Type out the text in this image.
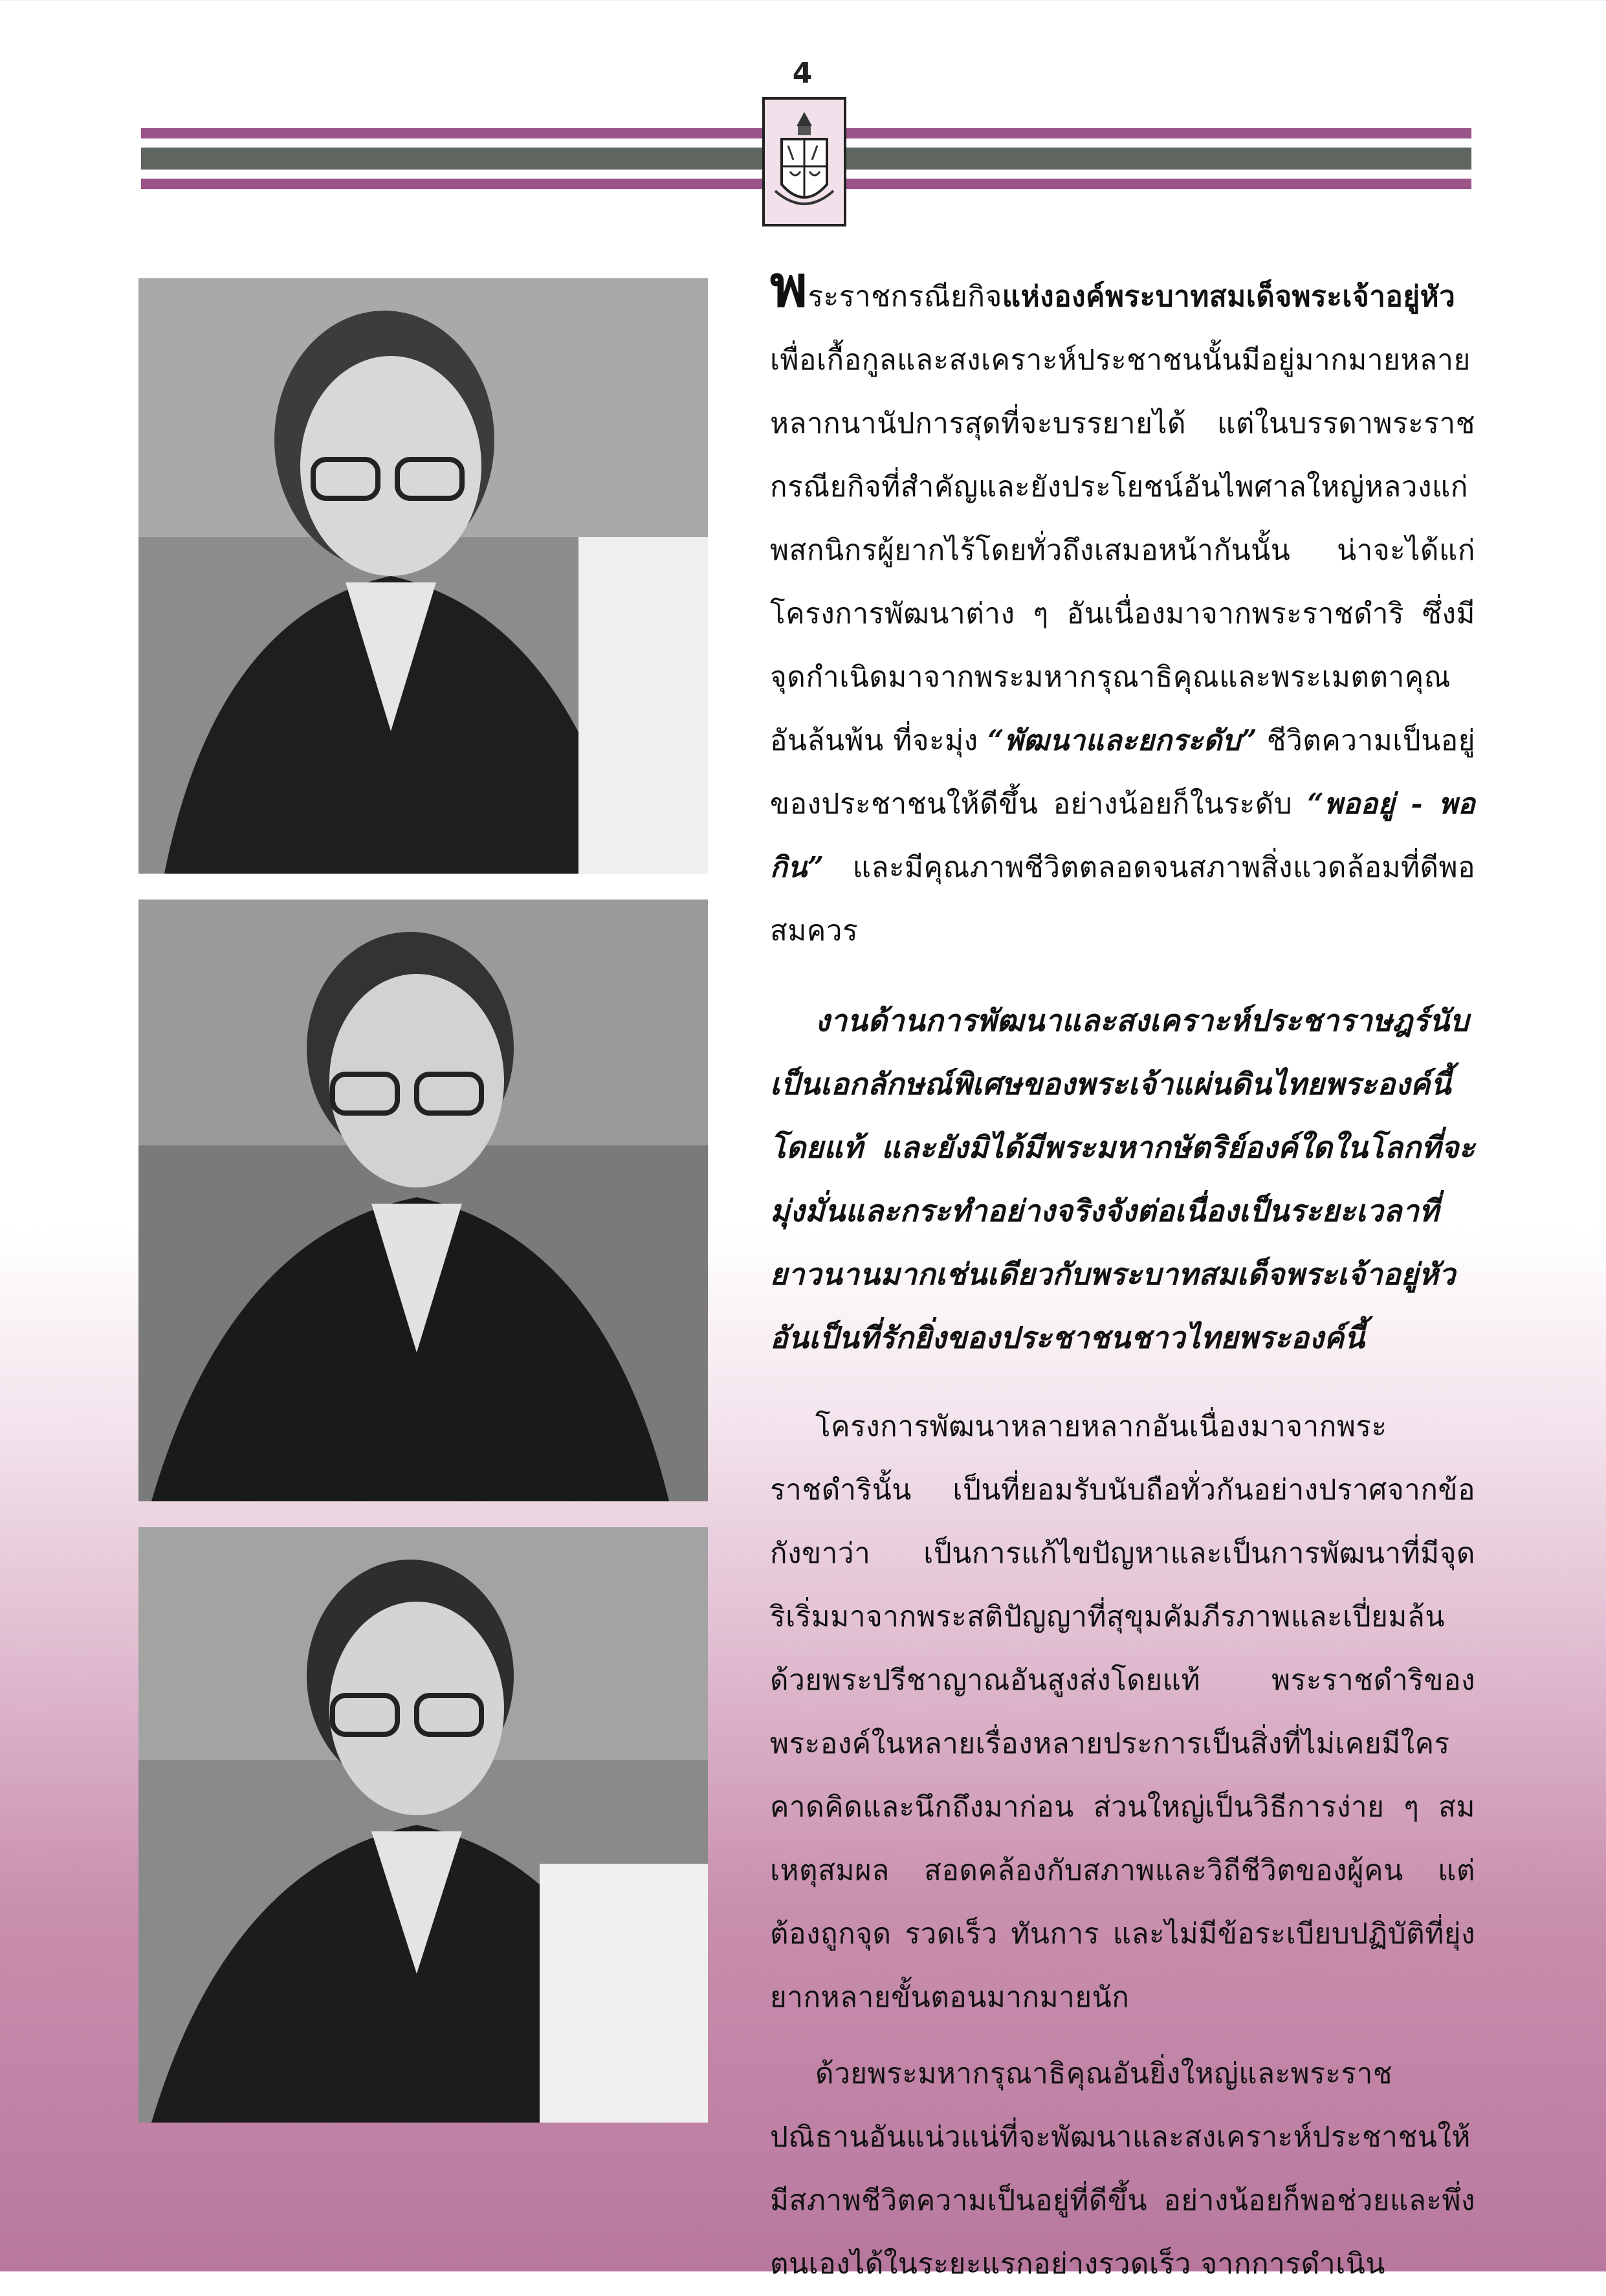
4

พระราชกรณียกิจแห่งองค์พระบาทสมเด็จพระเจ้าอยู่หัว เพื่อเกื้อกูลและสงเคราะห์ประชาชนนั้นมีอยู่มากมายหลายหลากนานัปการสุดที่จะบรรยายได้ แต่ในบรรดาพระราชกรณียกิจที่สำคัญและยังประโยชน์อันไพศาลใหญ่หลวงแก่พสกนิกรผู้ยากไร้โดยทั่วถึงเสมอหน้ากันนั้น น่าจะได้แก่โครงการพัฒนาต่าง ๆ อันเนื่องมาจากพระราชดำริ ซึ่งมีจุดกำเนิดมาจากพระมหากรุณาธิคุณและพระเมตตาคุณอันล้นพ้น ที่จะมุ่ง “พัฒนาและยกระดับ” ชีวิตความเป็นอยู่ของประชาชนให้ดีขึ้น อย่างน้อยก็ในระดับ “พออยู่ - พอกิน” และมีคุณภาพชีวิตตลอดจนสภาพสิ่งแวดล้อมที่ดีพอสมควร

งานด้านการพัฒนาและสงเคราะห์ประชาราษฎร์นับเป็นเอกลักษณ์พิเศษของพระเจ้าแผ่นดินไทยพระองค์นี้โดยแท้ และยังมิได้มีพระมหากษัตริย์องค์ใดในโลกที่จะมุ่งมั่นและกระทำอย่างจริงจังต่อเนื่องเป็นระยะเวลาที่ยาวนานมากเช่นเดียวกับพระบาทสมเด็จพระเจ้าอยู่หัว อันเป็นที่รักยิ่งของประชาชนชาวไทยพระองค์นี้

โครงการพัฒนาหลายหลากอันเนื่องมาจากพระราชดำรินั้น เป็นที่ยอมรับนับถือทั่วกันอย่างปราศจากข้อกังขาว่า เป็นการแก้ไขปัญหาและเป็นการพัฒนาที่มีจุดริเริ่มมาจากพระสติปัญญาที่สุขุมคัมภีรภาพและเปี่ยมล้นด้วยพระปรีชาญาณอันสูงส่งโดยแท้ พระราชดำริของพระองค์ในหลายเรื่องหลายประการเป็นสิ่งที่ไม่เคยมีใครคาดคิดและนึกถึงมาก่อน ส่วนใหญ่เป็นวิธีการง่าย ๆ สมเหตุสมผล สอดคล้องกับสภาพและวิถีชีวิตของผู้คน แต่ต้องถูกจุด รวดเร็ว ทันการ และไม่มีข้อระเบียบปฏิบัติที่ยุ่งยากหลายขั้นตอนมากมายนัก

ด้วยพระมหากรุณาธิคุณอันยิ่งใหญ่และพระราชปณิธานอันแน่วแน่ที่จะพัฒนาและสงเคราะห์ประชาชนให้มีสภาพชีวิตความเป็นอยู่ที่ดีขึ้น อย่างน้อยก็พอช่วยและพึ่งตนเองได้ในระยะแรกอย่างรวดเร็ว จากการดำเนิน
